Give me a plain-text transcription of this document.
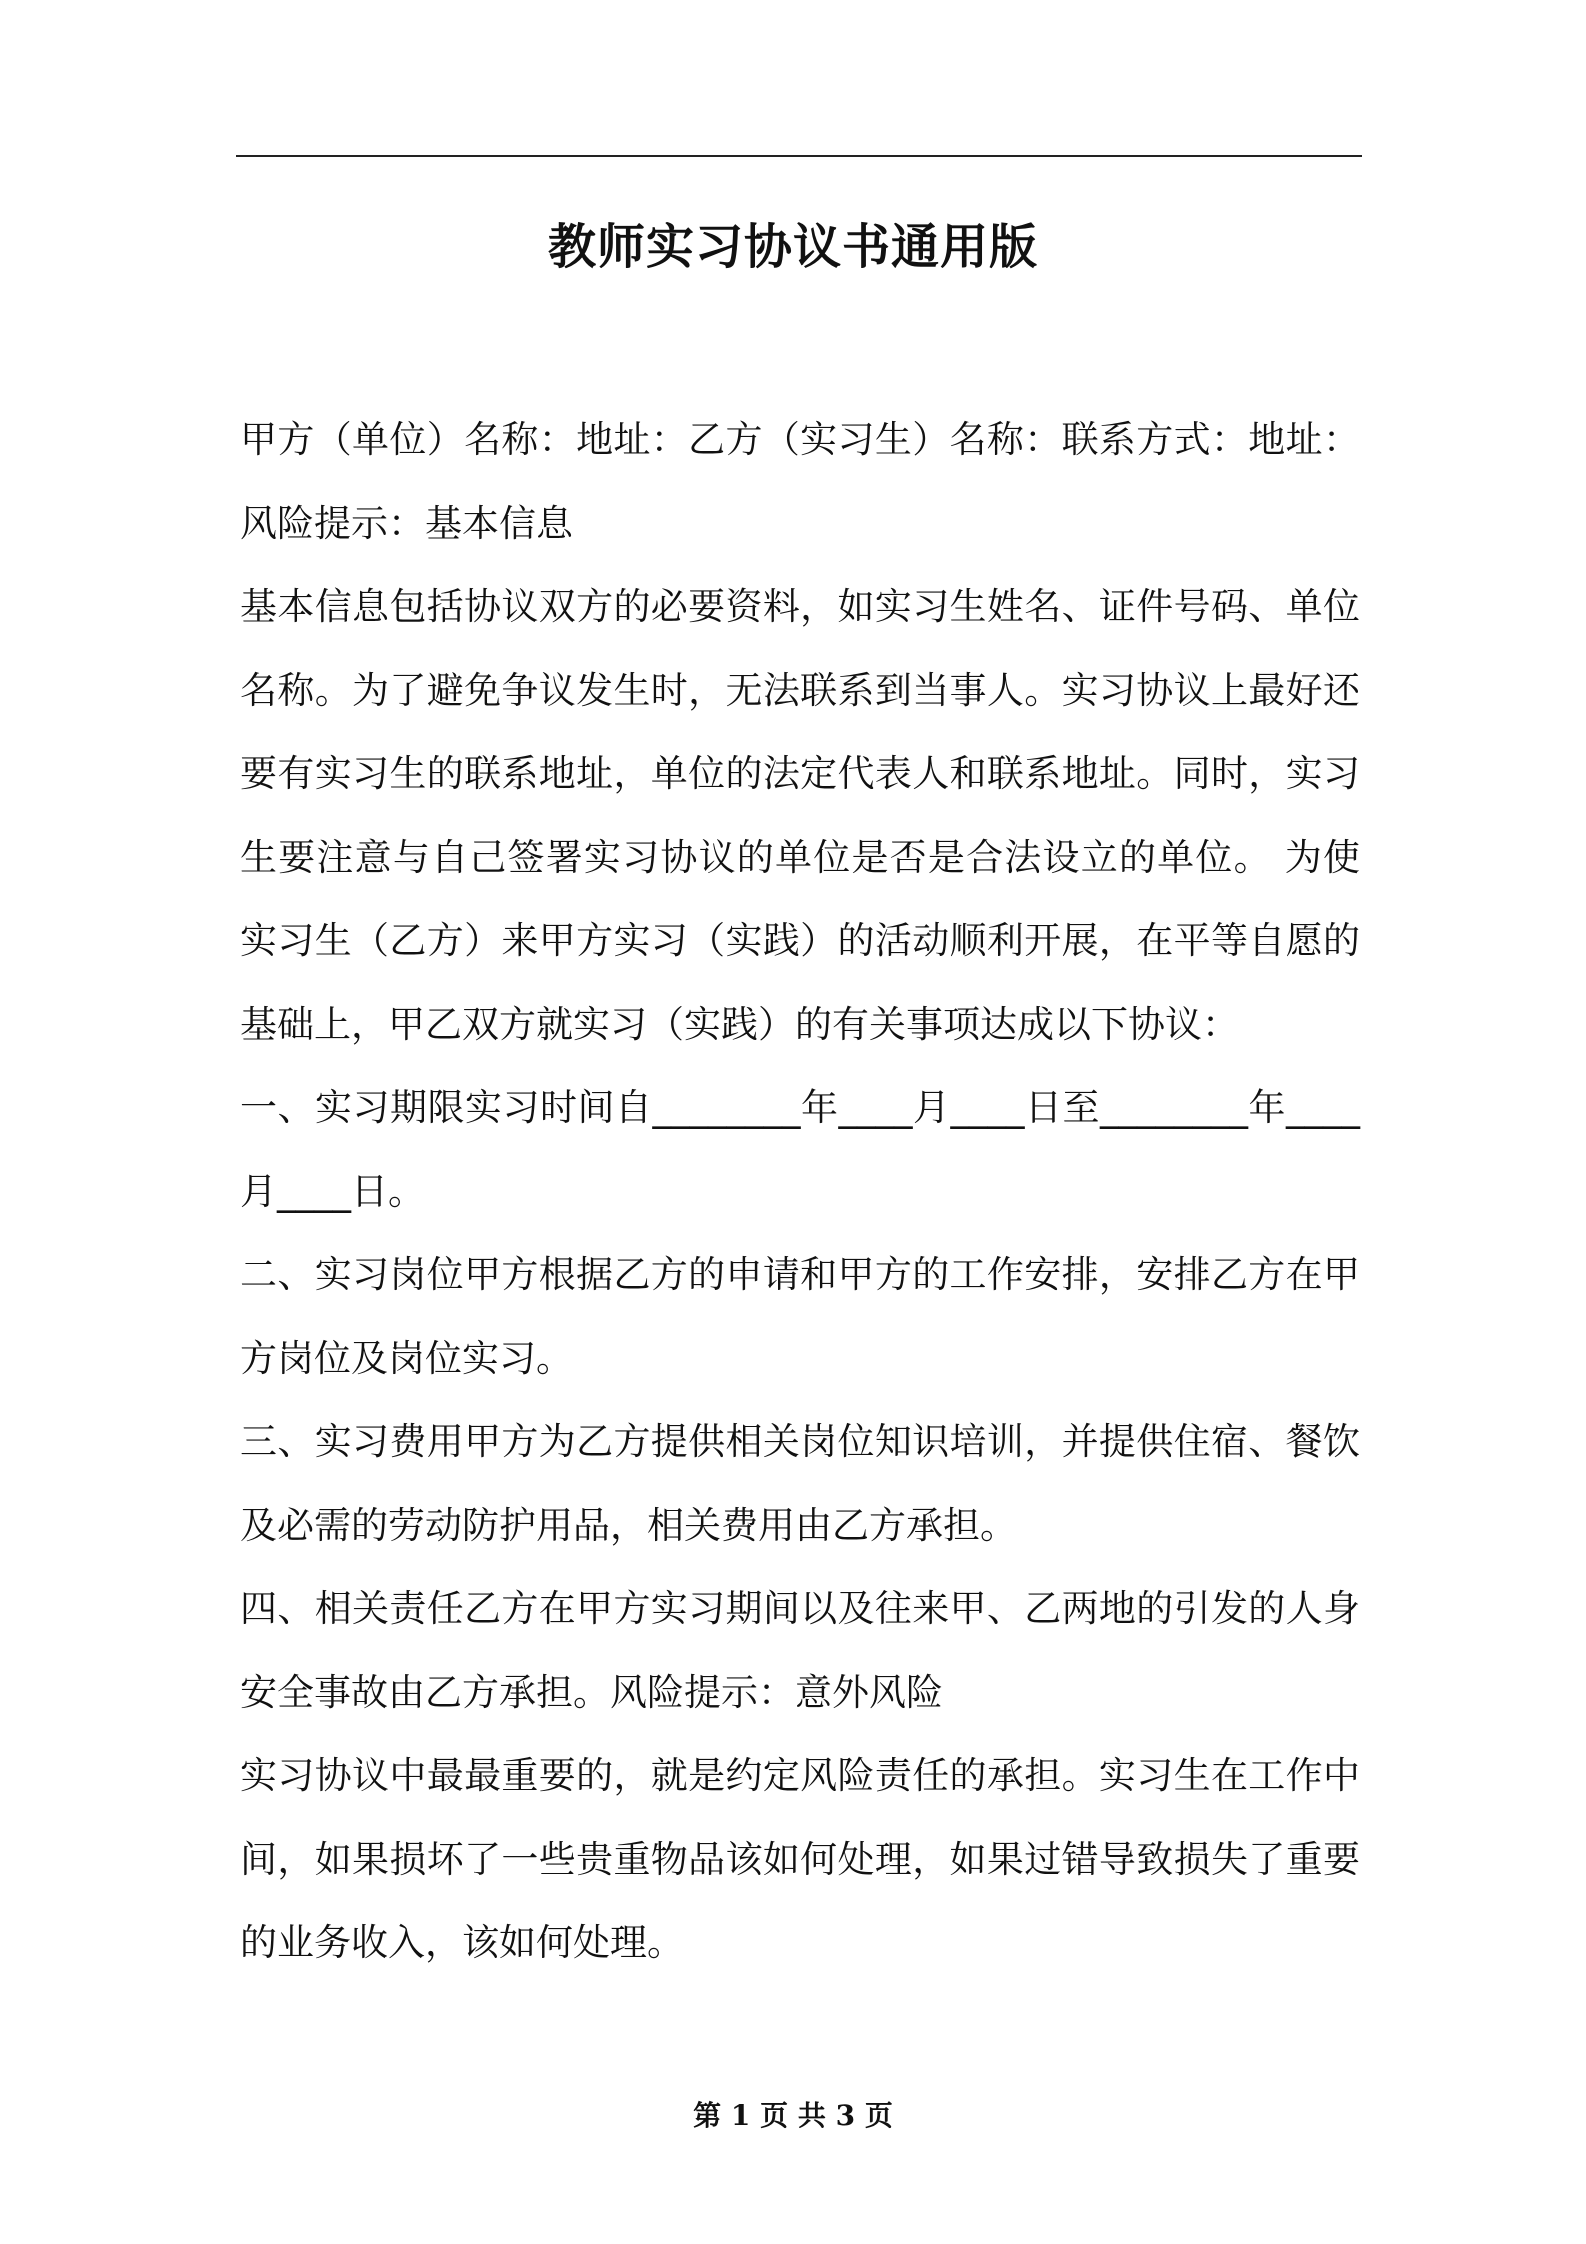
教师实习协议书通用版

甲方（单位）名称：地址：乙方（实习生）名称：联系方式：地址：风险提示：基本信息

基本信息包括协议双方的必要资料，如实习生姓名、证件号码、单位名称。为了避免争议发生时，无法联系到当事人。实习协议上最好还要有实习生的联系地址，单位的法定代表人和联系地址。同时，实习生要注意与自己签署实习协议的单位是否是合法设立的单位。 为使实习生（乙方）来甲方实习（实践）的活动顺利开展，在平等自愿的基础上，甲乙双方就实习（实践）的有关事项达成以下协议：

一、实习期限实习时间自________年____月____日至________年____月____日。

二、实习岗位甲方根据乙方的申请和甲方的工作安排，安排乙方在甲方岗位及岗位实习。

三、实习费用甲方为乙方提供相关岗位知识培训，并提供住宿、餐饮及必需的劳动防护用品，相关费用由乙方承担。

四、相关责任乙方在甲方实习期间以及往来甲、乙两地的引发的人身安全事故由乙方承担。风险提示：意外风险

实习协议中最最重要的，就是约定风险责任的承担。实习生在工作中间，如果损坏了一些贵重物品该如何处理，如果过错导致损失了重要的业务收入，该如何处理。

第 1 页 共 3 页
